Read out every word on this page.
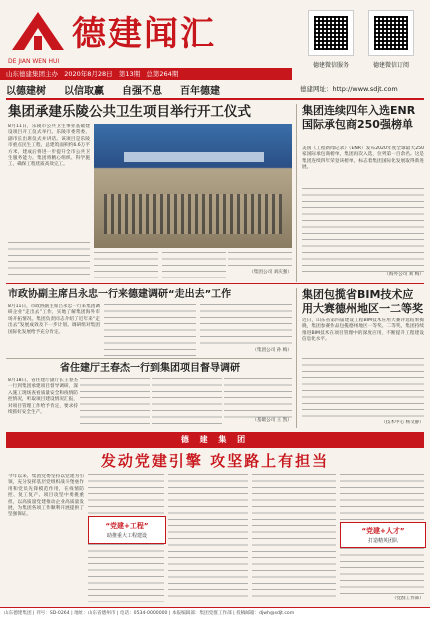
德建闻汇
DE JIAN WEN HUI
山东德建集团主办 2020年8月28日 第13期 总第264期
德建微信服务	德建微信订阅
以德建树 以信取赢 自强不息 百年德建	德建网址：http://www.sdjt.com
集团承建乐陵公共卫生项目举行开工仪式
8月11日，乐陵市公共卫生事业基础建设项目开工仪式举行。乐陵市委常委、副市长出席仪式并讲话。该项目是乐陵市重点民生工程，总建筑面积约6.6万平方米，建成后将进一步提升全市公共卫生服务能力。集团将精心组织、科学施工，确保工程优质高效完工。
（集团公司 刘庆强）
集团连续四年入选ENR国际承包商250强榜单
美国《工程新闻记录》（ENR）发布2020年度全球最大250家国际承包商榜单，集团再次入选，位列第一百余名。这是集团连续四年荣登该榜单，标志着集团国际化发展取得新进展。
（海外公司 刘 梅）
市政协副主席吕永忠一行来德建调研“走出去”工作
8月11日，市政协副主席吕永忠一行来集团调研企业“走出去”工作，实地了解集团海外市场开拓情况。集团负责同志介绍了近年来“走出去”发展成效及下一步计划。调研组对集团国际化发展给予充分肯定。
（集团公司 孙 梅）
省住建厅王春杰一行到集团项目督导调研
8月18日，省住建厅副厅长王春杰一行到集团承建项目督导调研，深入施工现场查看质量安全和疫情防控情况，听取项目建设情况汇报，对项目管理工作给予肯定，要求持续抓好安全生产。
（基础公司 王 凯）
集团包揽省BIM技术应用大赛德州地区一二等奖
近日，山东省第四届建设工程BIM技术应用大赛评选结果揭晓，集团参赛作品包揽德州地区一等奖、二等奖。集团持续推进BIM技术在项目管理中的深度应用，不断提升工程建设信息化水平。
（技术中心 杨文静）
德 建 集 团
发动党建引擎 攻坚路上有担当
今年以来，集团党委坚持以党建为引领，充分发挥基层党组织战斗堡垒作用和党员先锋模范作用，在疫情防控、复工复产、项目攻坚中勇挑重担，以高质量党建推动企业高质量发展，为集团各项工作顺利开展提供了坚强保证。
“党建+工程”
助推重大工程建设
“党建+人才”
打造精英团队
（党群工作部）
山东德建集团 | 刊号：SD-0264 | 地址：山东省德州市 | 电话：0534-0000000 | 本报编辑部：集团党群工作部 | 投稿邮箱：djwh@sdjt.com
